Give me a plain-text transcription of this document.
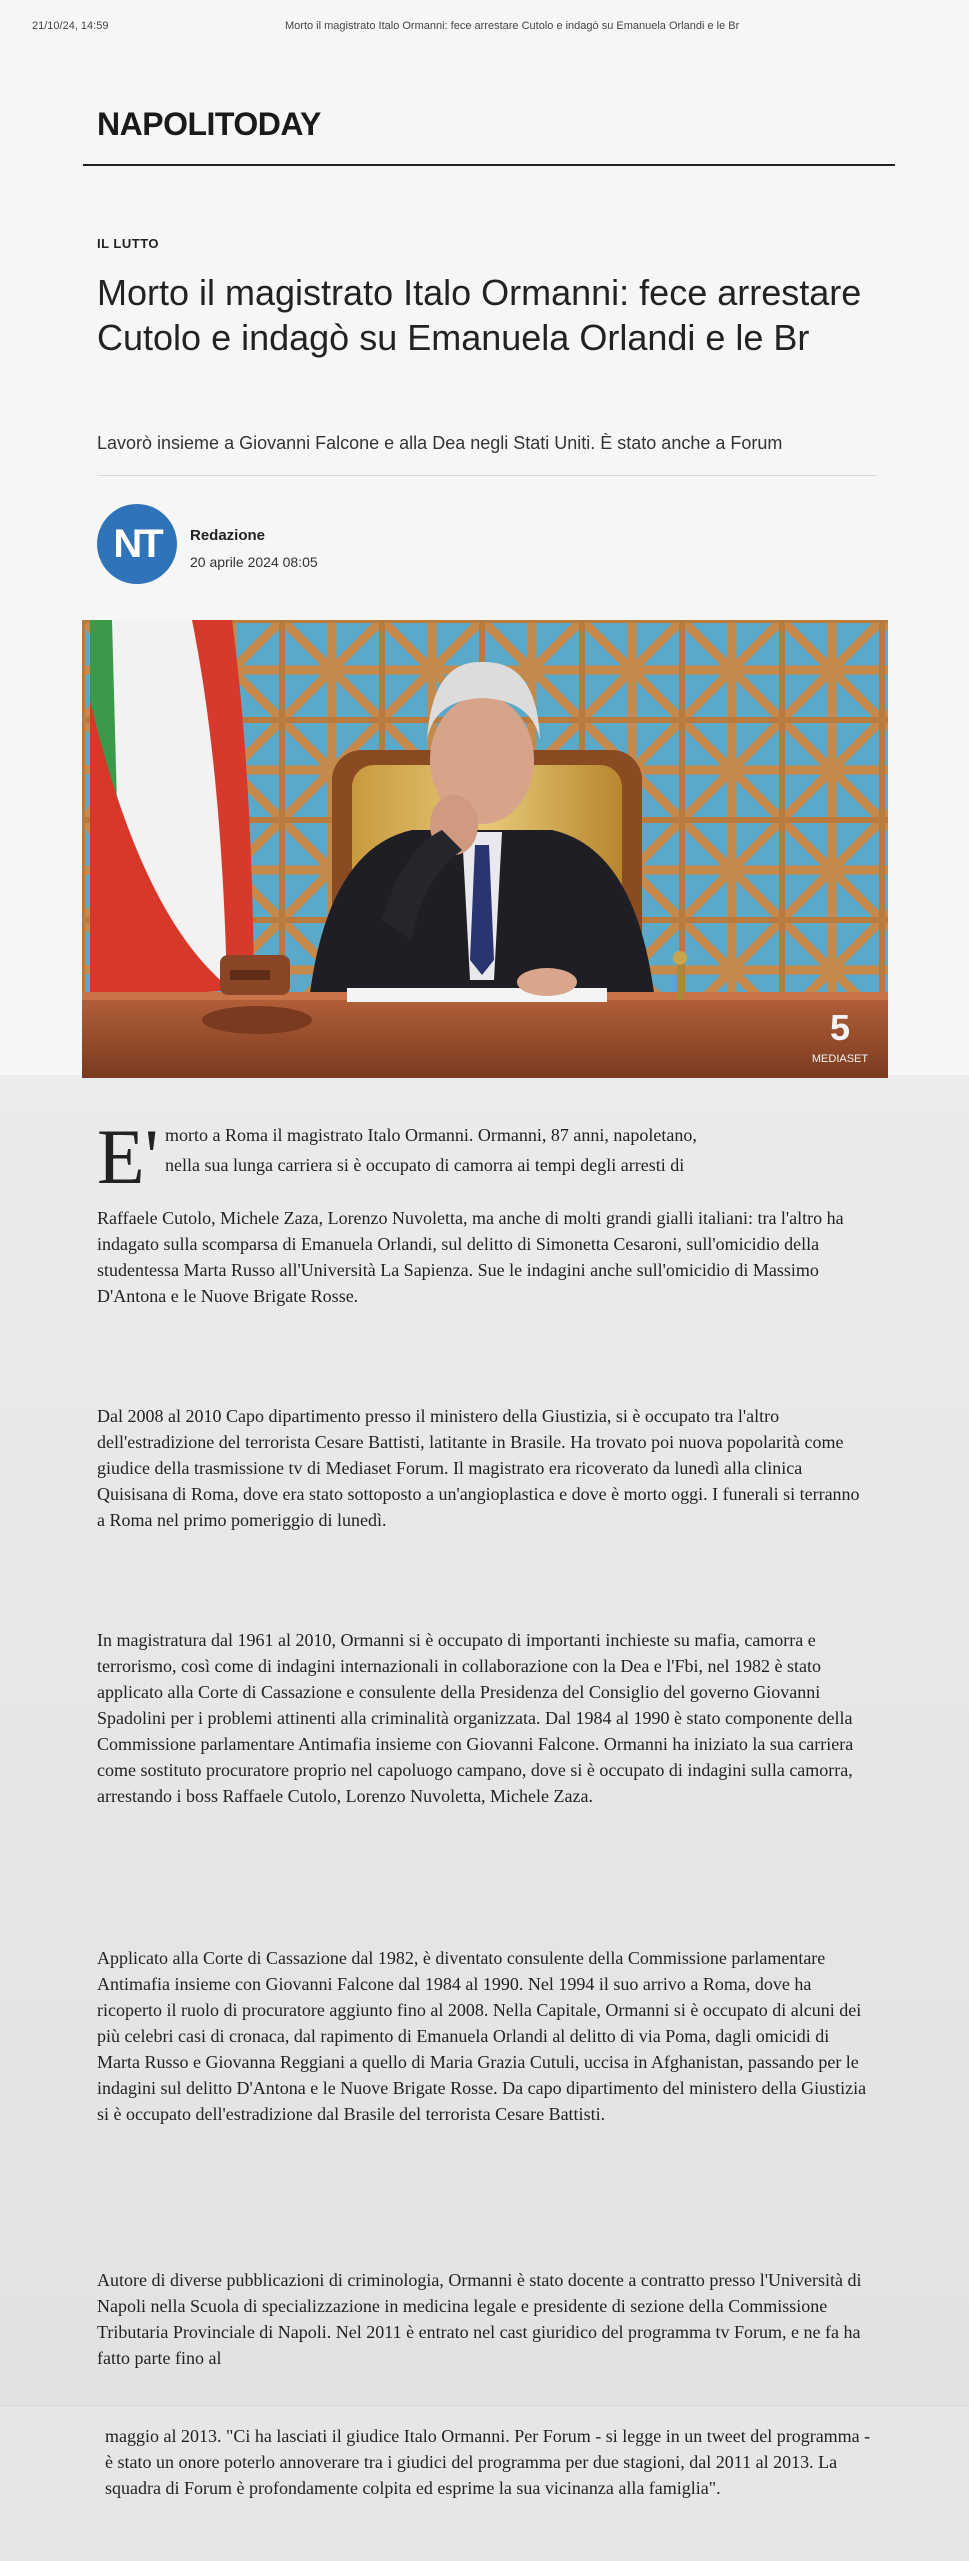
21/10/24, 14:59	Morto il magistrato Italo Ormanni: fece arrestare Cutolo e indagò su Emanuela Orlandi e le Br
NAPOLITODAY
IL LUTTO
Morto il magistrato Italo Ormanni: fece arrestare Cutolo e indagò su Emanuela Orlandi e le Br
Lavorò insieme a Giovanni Falcone e alla Dea negli Stati Uniti. È stato anche a Forum
NT	Redazione
20 aprile 2024 08:05
5
MEDIASET
E' morto a Roma il magistrato Italo Ormanni. Ormanni, 87 anni, napoletano,
nella sua lunga carriera si è occupato di camorra ai tempi degli arresti di

Raffaele Cutolo, Michele Zaza, Lorenzo Nuvoletta, ma anche di molti grandi gialli italiani: tra l'altro ha indagato sulla scomparsa di Emanuela Orlandi, sul delitto di Simonetta Cesaroni, sull'omicidio della studentessa Marta Russo all'Università La Sapienza. Sue le indagini anche sull'omicidio di Massimo D'Antona e le Nuove Brigate Rosse.

Dal 2008 al 2010 Capo dipartimento presso il ministero della Giustizia, si è occupato tra l'altro dell'estradizione del terrorista Cesare Battisti, latitante in Brasile. Ha trovato poi nuova popolarità come giudice della trasmissione tv di Mediaset Forum. Il magistrato era ricoverato da lunedì alla clinica Quisisana di Roma, dove era stato sottoposto a un'angioplastica e dove è morto oggi. I funerali si terranno a Roma nel primo pomeriggio di lunedì.

In magistratura dal 1961 al 2010, Ormanni si è occupato di importanti inchieste su mafia, camorra e terrorismo, così come di indagini internazionali in collaborazione con la Dea e l'Fbi, nel 1982 è stato applicato alla Corte di Cassazione e consulente della Presidenza del Consiglio del governo Giovanni Spadolini per i problemi attinenti alla criminalità organizzata. Dal 1984 al 1990 è stato componente della Commissione parlamentare Antimafia insieme con Giovanni Falcone. Ormanni ha iniziato la sua carriera come sostituto procuratore proprio nel capoluogo campano, dove si è occupato di indagini sulla camorra, arrestando i boss Raffaele Cutolo, Lorenzo Nuvoletta, Michele Zaza.

Applicato alla Corte di Cassazione dal 1982, è diventato consulente della Commissione parlamentare Antimafia insieme con Giovanni Falcone dal 1984 al 1990. Nel 1994 il suo arrivo a Roma, dove ha ricoperto il ruolo di procuratore aggiunto fino al 2008. Nella Capitale, Ormanni si è occupato di alcuni dei più celebri casi di cronaca, dal rapimento di Emanuela Orlandi al delitto di via Poma, dagli omicidi di Marta Russo e Giovanna Reggiani a quello di Maria Grazia Cutuli, uccisa in Afghanistan, passando per le indagini sul delitto D'Antona e le Nuove Brigate Rosse. Da capo dipartimento del ministero della Giustizia si è occupato dell'estradizione dal Brasile del terrorista Cesare Battisti.

Autore di diverse pubblicazioni di criminologia, Ormanni è stato docente a contratto presso l'Università di Napoli nella Scuola di specializzazione in medicina legale e presidente di sezione della Commissione Tributaria Provinciale di Napoli. Nel 2011 è entrato nel cast giuridico del programma tv Forum, e ne fa ha fatto parte fino al

maggio al 2013. "Ci ha lasciati il giudice Italo Ormanni. Per Forum - si legge in un tweet del programma - è stato un onore poterlo annoverare tra i giudici del programma per due stagioni, dal 2011 al 2013. La squadra di Forum è profondamente colpita ed esprime la sua vicinanza alla famiglia".
